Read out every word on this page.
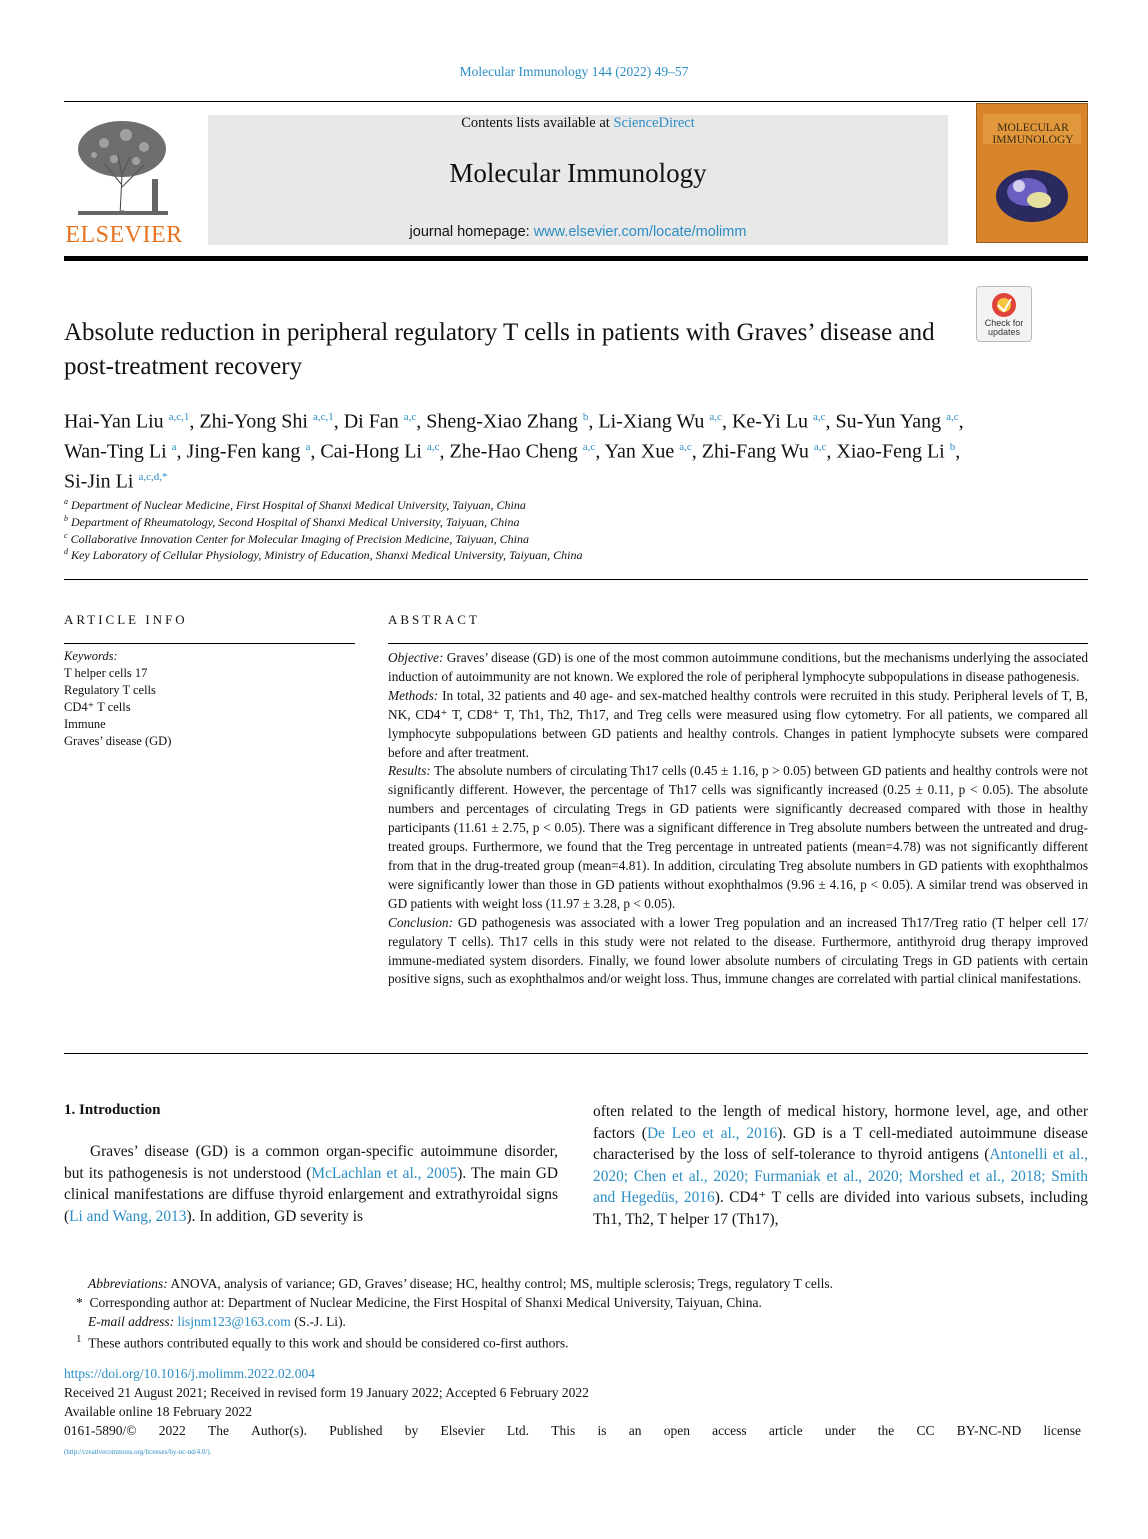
Molecular Immunology 144 (2022) 49–57
ELSEVIER
Contents lists available at ScienceDirect
Molecular Immunology
journal homepage: www.elsevier.com/locate/molimm
MOLECULAR IMMUNOLOGY
Check for updates
Absolute reduction in peripheral regulatory T cells in patients with Graves’ disease and post-treatment recovery
Hai-Yan Liu $^{a,c,1}$, Zhi-Yong Shi $^{a,c,1}$, Di Fan $^{a,c}$, Sheng-Xiao Zhang $^b$, Li-Xiang Wu $^{a,c}$, Ke-Yi Lu $^{a,c}$, Su-Yun Yang $^{a,c}$, Wan-Ting Li $^a$, Jing-Fen kang $^a$, Cai-Hong Li $^{a,c}$, Zhe-Hao Cheng $^{a,c}$, Yan Xue $^{a,c}$, Zhi-Fang Wu $^{a,c}$, Xiao-Feng Li $^b$, Si-Jin Li $^{a,c,d,*}$
$^a$ Department of Nuclear Medicine, First Hospital of Shanxi Medical University, Taiyuan, China
$^b$ Department of Rheumatology, Second Hospital of Shanxi Medical University, Taiyuan, China
$^c$ Collaborative Innovation Center for Molecular Imaging of Precision Medicine, Taiyuan, China
$^d$ Key Laboratory of Cellular Physiology, Ministry of Education, Shanxi Medical University, Taiyuan, China
ARTICLE INFO	ABSTRACT
Keywords:
T helper cells 17
Regulatory T cells
CD4⁺ T cells
Immune
Graves’ disease (GD)

Objective: Graves’ disease (GD) is one of the most common autoimmune conditions, but the mechanisms underlying the associated induction of autoimmunity are not known. We explored the role of peripheral lymphocyte subpopulations in disease pathogenesis.

Methods: In total, 32 patients and 40 age- and sex-matched healthy controls were recruited in this study. Peripheral levels of T, B, NK, CD4⁺ T, CD8⁺ T, Th1, Th2, Th17, and Treg cells were measured using flow cytometry. For all patients, we compared all lymphocyte subpopulations between GD patients and healthy controls. Changes in patient lymphocyte subsets were compared before and after treatment.

Results: The absolute numbers of circulating Th17 cells (0.45 ± 1.16, p > 0.05) between GD patients and healthy controls were not significantly different. However, the percentage of Th17 cells was significantly increased (0.25 ± 0.11, p < 0.05). The absolute numbers and percentages of circulating Tregs in GD patients were significantly decreased compared with those in healthy participants (11.61 ± 2.75, p < 0.05). There was a significant difference in Treg absolute numbers between the untreated and drug-treated groups. Furthermore, we found that the Treg percentage in untreated patients (mean=4.78) was not significantly different from that in the drug-treated group (mean=4.81). In addition, circulating Treg absolute numbers in GD patients with exophthalmos were significantly lower than those in GD patients without exophthalmos (9.96 ± 4.16, p < 0.05). A similar trend was observed in GD patients with weight loss (11.97 ± 3.28, p < 0.05).

Conclusion: GD pathogenesis was associated with a lower Treg population and an increased Th17/Treg ratio (T helper cell 17/ regulatory T cells). Th17 cells in this study were not related to the disease. Furthermore, antithyroid drug therapy improved immune-mediated system disorders. Finally, we found lower absolute numbers of circulating Tregs in GD patients with certain positive signs, such as exophthalmos and/or weight loss. Thus, immune changes are correlated with partial clinical manifestations.

1. Introduction

Graves’ disease (GD) is a common organ-specific autoimmune disorder, but its pathogenesis is not understood (McLachlan et al., 2005). The main GD clinical manifestations are diffuse thyroid enlargement and extrathyroidal signs (Li and Wang, 2013). In addition, GD severity is

often related to the length of medical history, hormone level, age, and other factors (De Leo et al., 2016). GD is a T cell-mediated autoimmune disease characterised by the loss of self-tolerance to thyroid antigens (Antonelli et al., 2020; Chen et al., 2020; Furmaniak et al., 2020; Morshed et al., 2018; Smith and Hegedüs, 2016). CD4⁺ T cells are divided into various subsets, including Th1, Th2, T helper 17 (Th17),

Abbreviations: ANOVA, analysis of variance; GD, Graves’ disease; HC, healthy control; MS, multiple sclerosis; Tregs, regulatory T cells.
* Corresponding author at: Department of Nuclear Medicine, the First Hospital of Shanxi Medical University, Taiyuan, China.
E-mail address: lisjnm123@163.com (S.-J. Li).
$^1$ These authors contributed equally to this work and should be considered co-first authors.
https://doi.org/10.1016/j.molimm.2022.02.004
Received 21 August 2021; Received in revised form 19 January 2022; Accepted 6 February 2022
Available online 18 February 2022
0161-5890/© 2022 The Author(s). Published by Elsevier Ltd. This is an open access article under the CC BY-NC-ND license
(http://creativecommons.org/licenses/by-nc-nd/4.0/).
